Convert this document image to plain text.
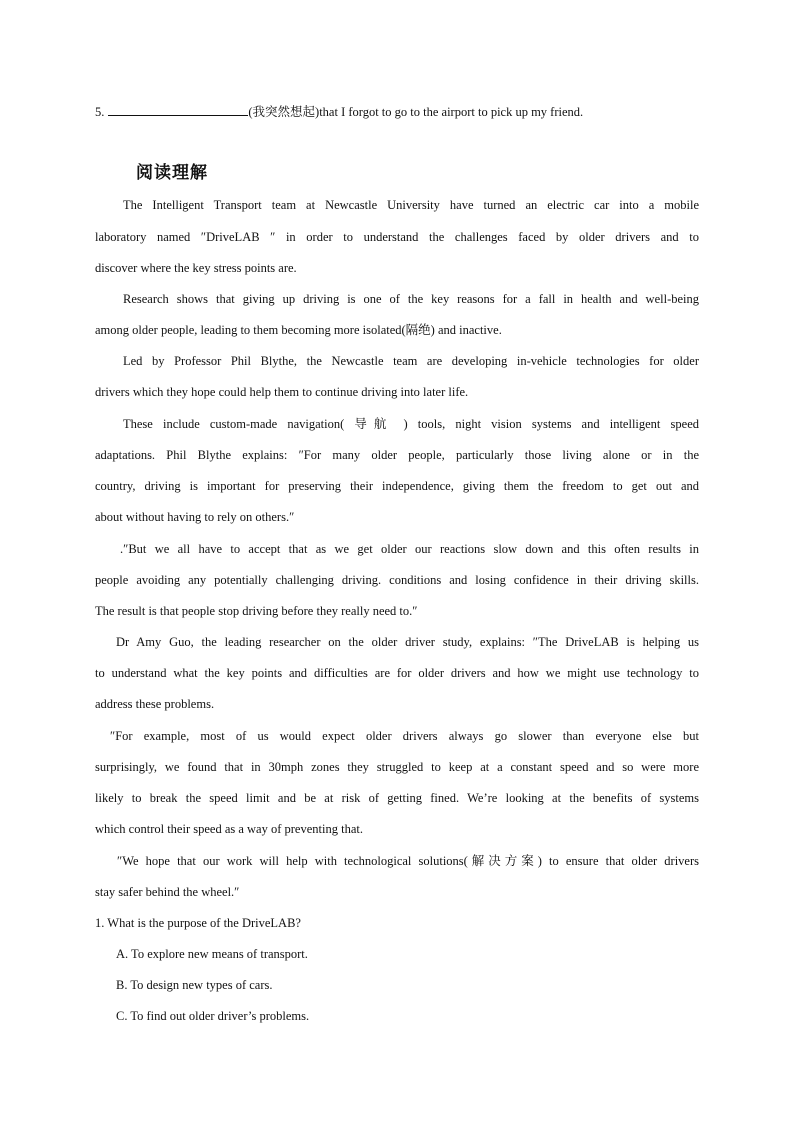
5.	(我突然想起)that I forgot to go to the airport to pick up my friend.
阅读理解
The Intelligent Transport team at Newcastle University have turned an electric car into a mobile
laboratory named ″DriveLAB ″ in order to understand the challenges faced by older drivers and to
discover where the key stress points are.
Research shows that giving up driving is one of the key reasons for a fall in health and well-being
among older people, leading to them becoming more isolated(隔绝) and inactive.
Led by Professor Phil Blythe, the Newcastle team are developing in-vehicle technologies for older
drivers which they hope could help them to continue driving into later life.
These include custom-made navigation( 导航 ) tools, night vision systems and intelligent speed
adaptations. Phil Blythe explains: ″For many older people, particularly those living alone or in the
country, driving is important for preserving their independence, giving them the freedom to get out and
about without having to rely on others.″
.″But we all have to accept that as we get older our reactions slow down and this often results in
people avoiding any potentially challenging driving. conditions and losing confidence in their driving skills.
The result is that people stop driving before they really need to.″
Dr Amy Guo, the leading researcher on the older driver study, explains: ″The DriveLAB is helping us
to understand what the key points and difficulties are for older drivers and how we might use technology to
address these problems.
″For example, most of us would expect older drivers always go slower than everyone else but
surprisingly, we found that in 30mph zones they struggled to keep at a constant speed and so were more
likely to break the speed limit and be at risk of getting fined. We’re looking at the benefits of systems
which control their speed as a way of preventing that.
″We hope that our work will help with technological solutions(解决方案) to ensure that older drivers
stay safer behind the wheel.″
1. What is the purpose of the DriveLAB?
A. To explore new means of transport.
B. To design new types of cars.
C. To find out older driver’s problems.
